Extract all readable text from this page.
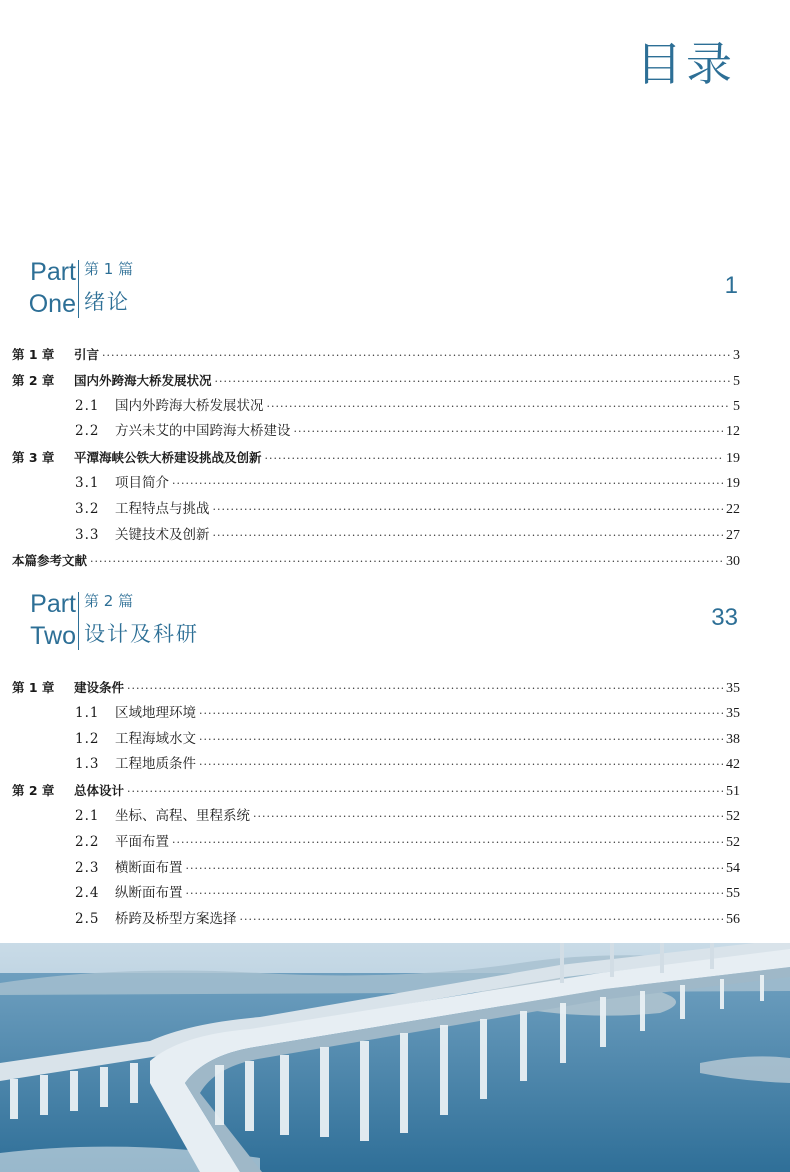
目录
Part
One
第 1 篇
绪论
1
第 1 章 引言 ·····	3
第 2 章 国内外跨海大桥发展状况 ·····	5
2.1 国内外跨海大桥发展状况 ·····	5
2.2 方兴未艾的中国跨海大桥建设 ·····	12
第 3 章 平潭海峡公铁大桥建设挑战及创新 ·····	19
3.1 项目简介 ·····	19
3.2 工程特点与挑战 ·····	22
3.3 关键技术及创新 ·····	27
本篇参考文献 ·····	30
Part
Two
第 2 篇
设计及科研
33
第 1 章 建设条件 ·····	35
1.1 区域地理环境 ·····	35
1.2 工程海域水文 ·····	38
1.3 工程地质条件 ·····	42
第 2 章 总体设计 ·····	51
2.1 坐标、高程、里程系统 ·····	52
2.2 平面布置 ·····	52
2.3 横断面布置 ·····	54
2.4 纵断面布置 ·····	55
2.5 桥跨及桥型方案选择 ·····	56
